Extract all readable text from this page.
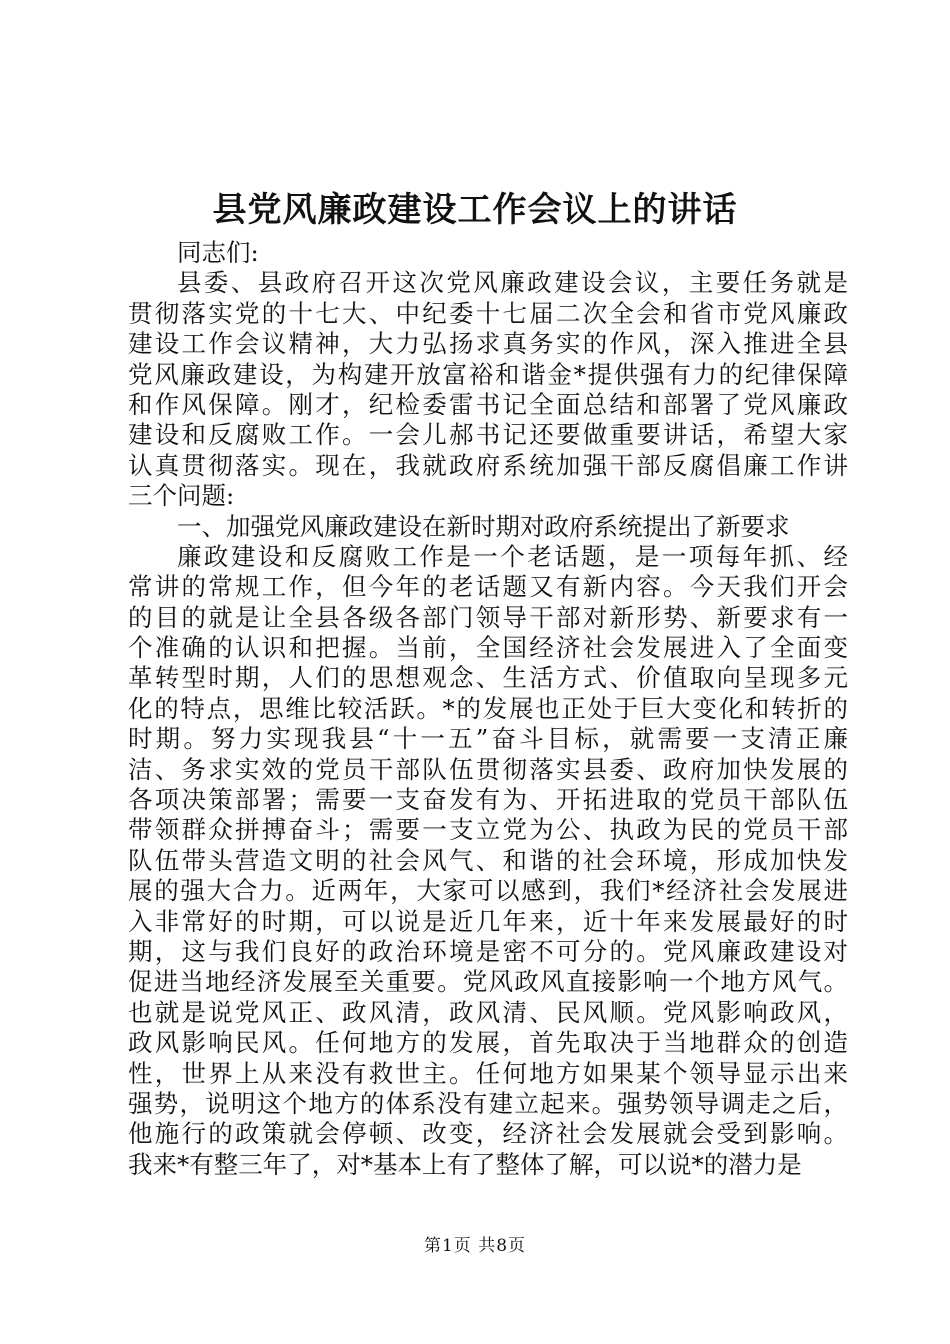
县党风廉政建设工作会议上的讲话
同志们:
县委、县政府召开这次党风廉政建设会议，主要任务就是
贯彻落实党的十七大、中纪委十七届二次全会和省市党风廉政
建设工作会议精神，大力弘扬求真务实的作风，深入推进全县
党风廉政建设，为构建开放富裕和谐金*提供强有力的纪律保障
和作风保障。刚才，纪检委雷书记全面总结和部署了党风廉政
建设和反腐败工作。一会儿郝书记还要做重要讲话，希望大家
认真贯彻落实。现在，我就政府系统加强干部反腐倡廉工作讲
三个问题:
一、加强党风廉政建设在新时期对政府系统提出了新要求
廉政建设和反腐败工作是一个老话题，是一项每年抓、经
常讲的常规工作，但今年的老话题又有新内容。今天我们开会
的目的就是让全县各级各部门领导干部对新形势、新要求有一
个准确的认识和把握。当前，全国经济社会发展进入了全面变
革转型时期，人们的思想观念、生活方式、价值取向呈现多元
化的特点，思维比较活跃。*的发展也正处于巨大变化和转折的
时期。努力实现我县“十一五”奋斗目标，就需要一支清正廉
洁、务求实效的党员干部队伍贯彻落实县委、政府加快发展的
各项决策部署；需要一支奋发有为、开拓进取的党员干部队伍
带领群众拼搏奋斗；需要一支立党为公、执政为民的党员干部
队伍带头营造文明的社会风气、和谐的社会环境，形成加快发
展的强大合力。近两年，大家可以感到，我们*经济社会发展进
入非常好的时期，可以说是近几年来，近十年来发展最好的时
期，这与我们良好的政治环境是密不可分的。党风廉政建设对
促进当地经济发展至关重要。党风政风直接影响一个地方风气。
也就是说党风正、政风清，政风清、民风顺。党风影响政风，
政风影响民风。任何地方的发展，首先取决于当地群众的创造
性，世界上从来没有救世主。任何地方如果某个领导显示出来
强势，说明这个地方的体系没有建立起来。强势领导调走之后，
他施行的政策就会停顿、改变，经济社会发展就会受到影响。
我来*有整三年了，对*基本上有了整体了解，可以说*的潜力是
第1页 共8页
